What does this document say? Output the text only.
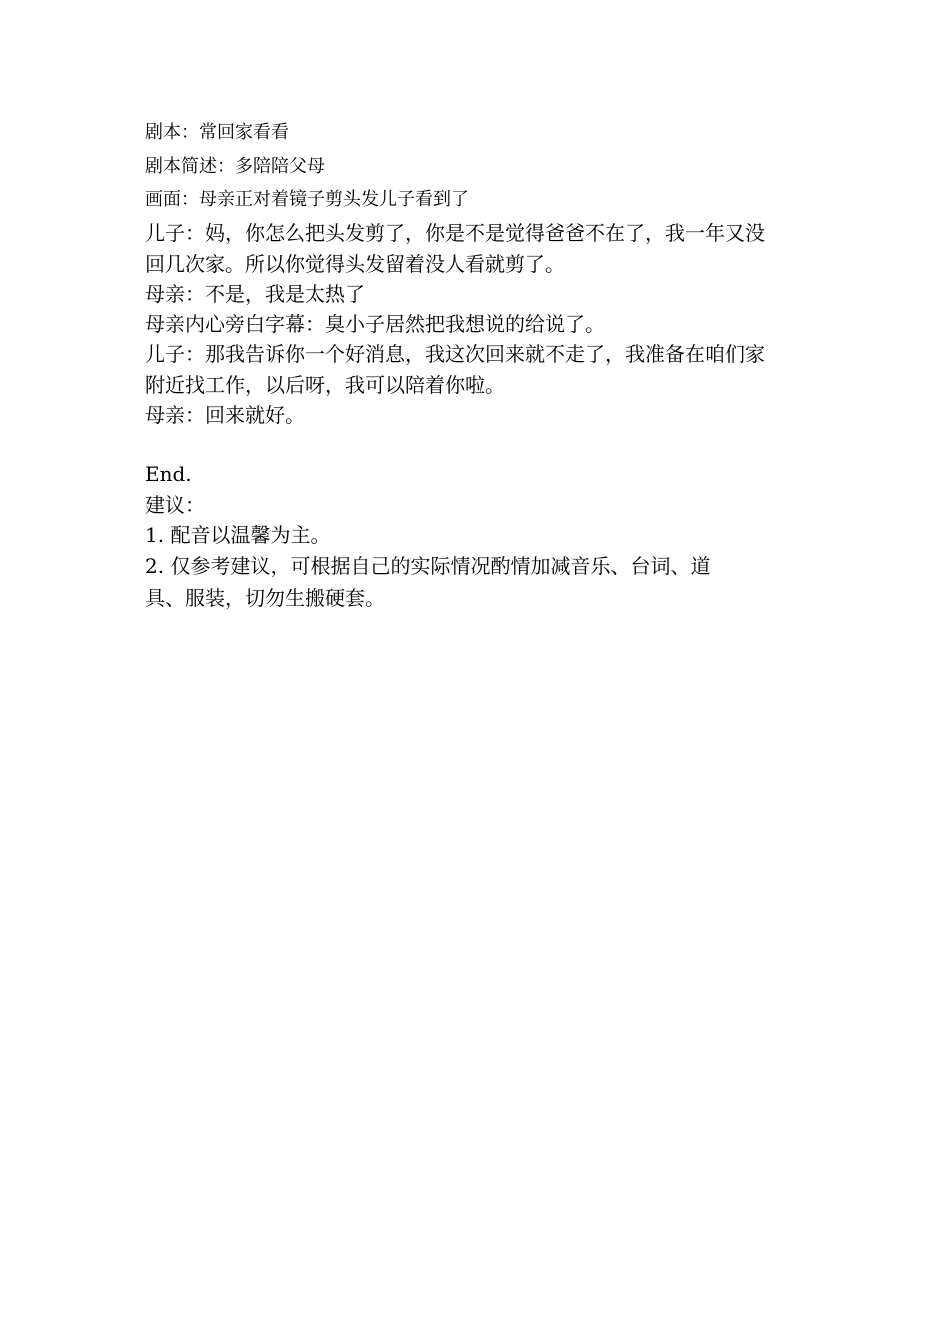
剧本：常回家看看
剧本简述：多陪陪父母
画面：母亲正对着镜子剪头发儿子看到了
儿子：妈，你怎么把头发剪了，你是不是觉得爸爸不在了，我一年又没
回几次家。所以你觉得头发留着没人看就剪了。
母亲：不是，我是太热了
母亲内心旁白字幕：臭小子居然把我想说的给说了。
儿子：那我告诉你一个好消息，我这次回来就不走了，我准备在咱们家
附近找工作，以后呀，我可以陪着你啦。
母亲：回来就好。
End.
建议：
1. 配音以温馨为主。
2. 仅参考建议，可根据自己的实际情况酌情加减音乐、台词、道
具、服装，切勿生搬硬套。
